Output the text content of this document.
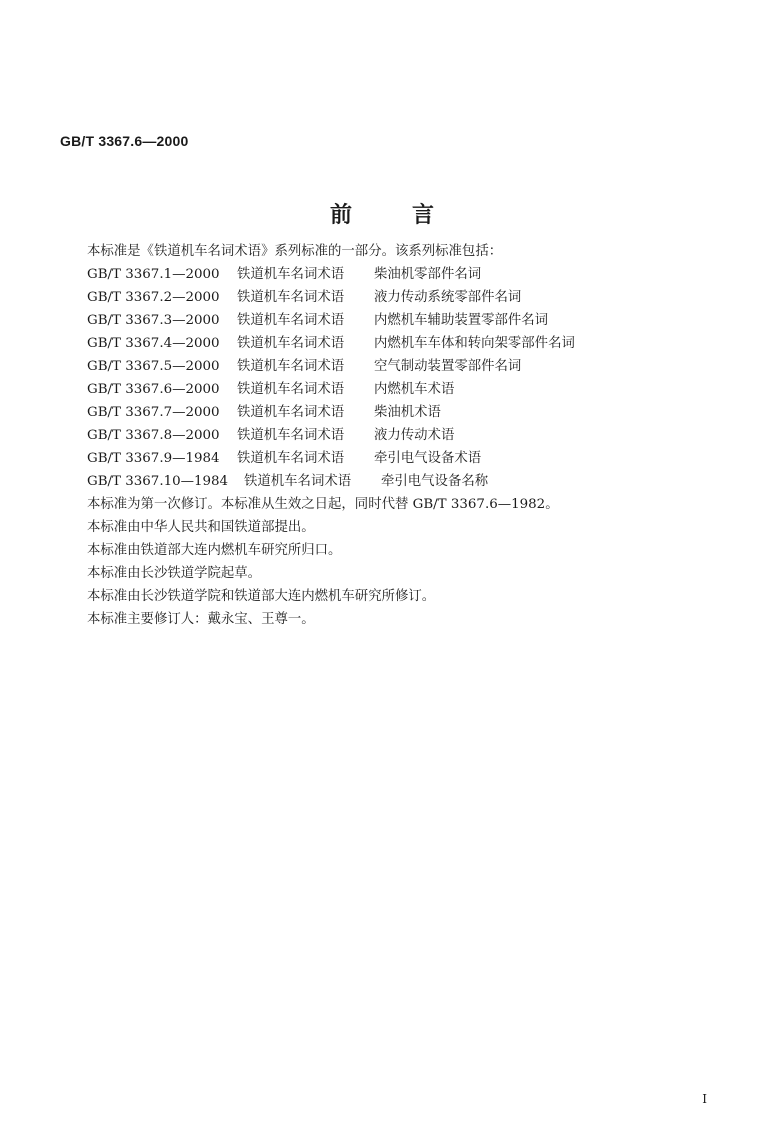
GB/T 3367.6—2000
前	言
本标准是《铁道机车名词术语》系列标准的一部分。该系列标准包括：
GB/T 3367.1—2000 铁道机车名词术语 柴油机零部件名词
GB/T 3367.2—2000 铁道机车名词术语 液力传动系统零部件名词
GB/T 3367.3—2000 铁道机车名词术语 内燃机车辅助装置零部件名词
GB/T 3367.4—2000 铁道机车名词术语 内燃机车车体和转向架零部件名词
GB/T 3367.5—2000 铁道机车名词术语 空气制动装置零部件名词
GB/T 3367.6—2000 铁道机车名词术语 内燃机车术语
GB/T 3367.7—2000 铁道机车名词术语 柴油机术语
GB/T 3367.8—2000 铁道机车名词术语 液力传动术语
GB/T 3367.9—1984 铁道机车名词术语 牵引电气设备术语
GB/T 3367.10—1984 铁道机车名词术语 牵引电气设备名称
本标准为第一次修订。本标准从生效之日起，同时代替 GB/T 3367.6—1982。
本标准由中华人民共和国铁道部提出。
本标准由铁道部大连内燃机车研究所归口。
本标准由长沙铁道学院起草。
本标准由长沙铁道学院和铁道部大连内燃机车研究所修订。
本标准主要修订人：戴永宝、王尊一。
I
